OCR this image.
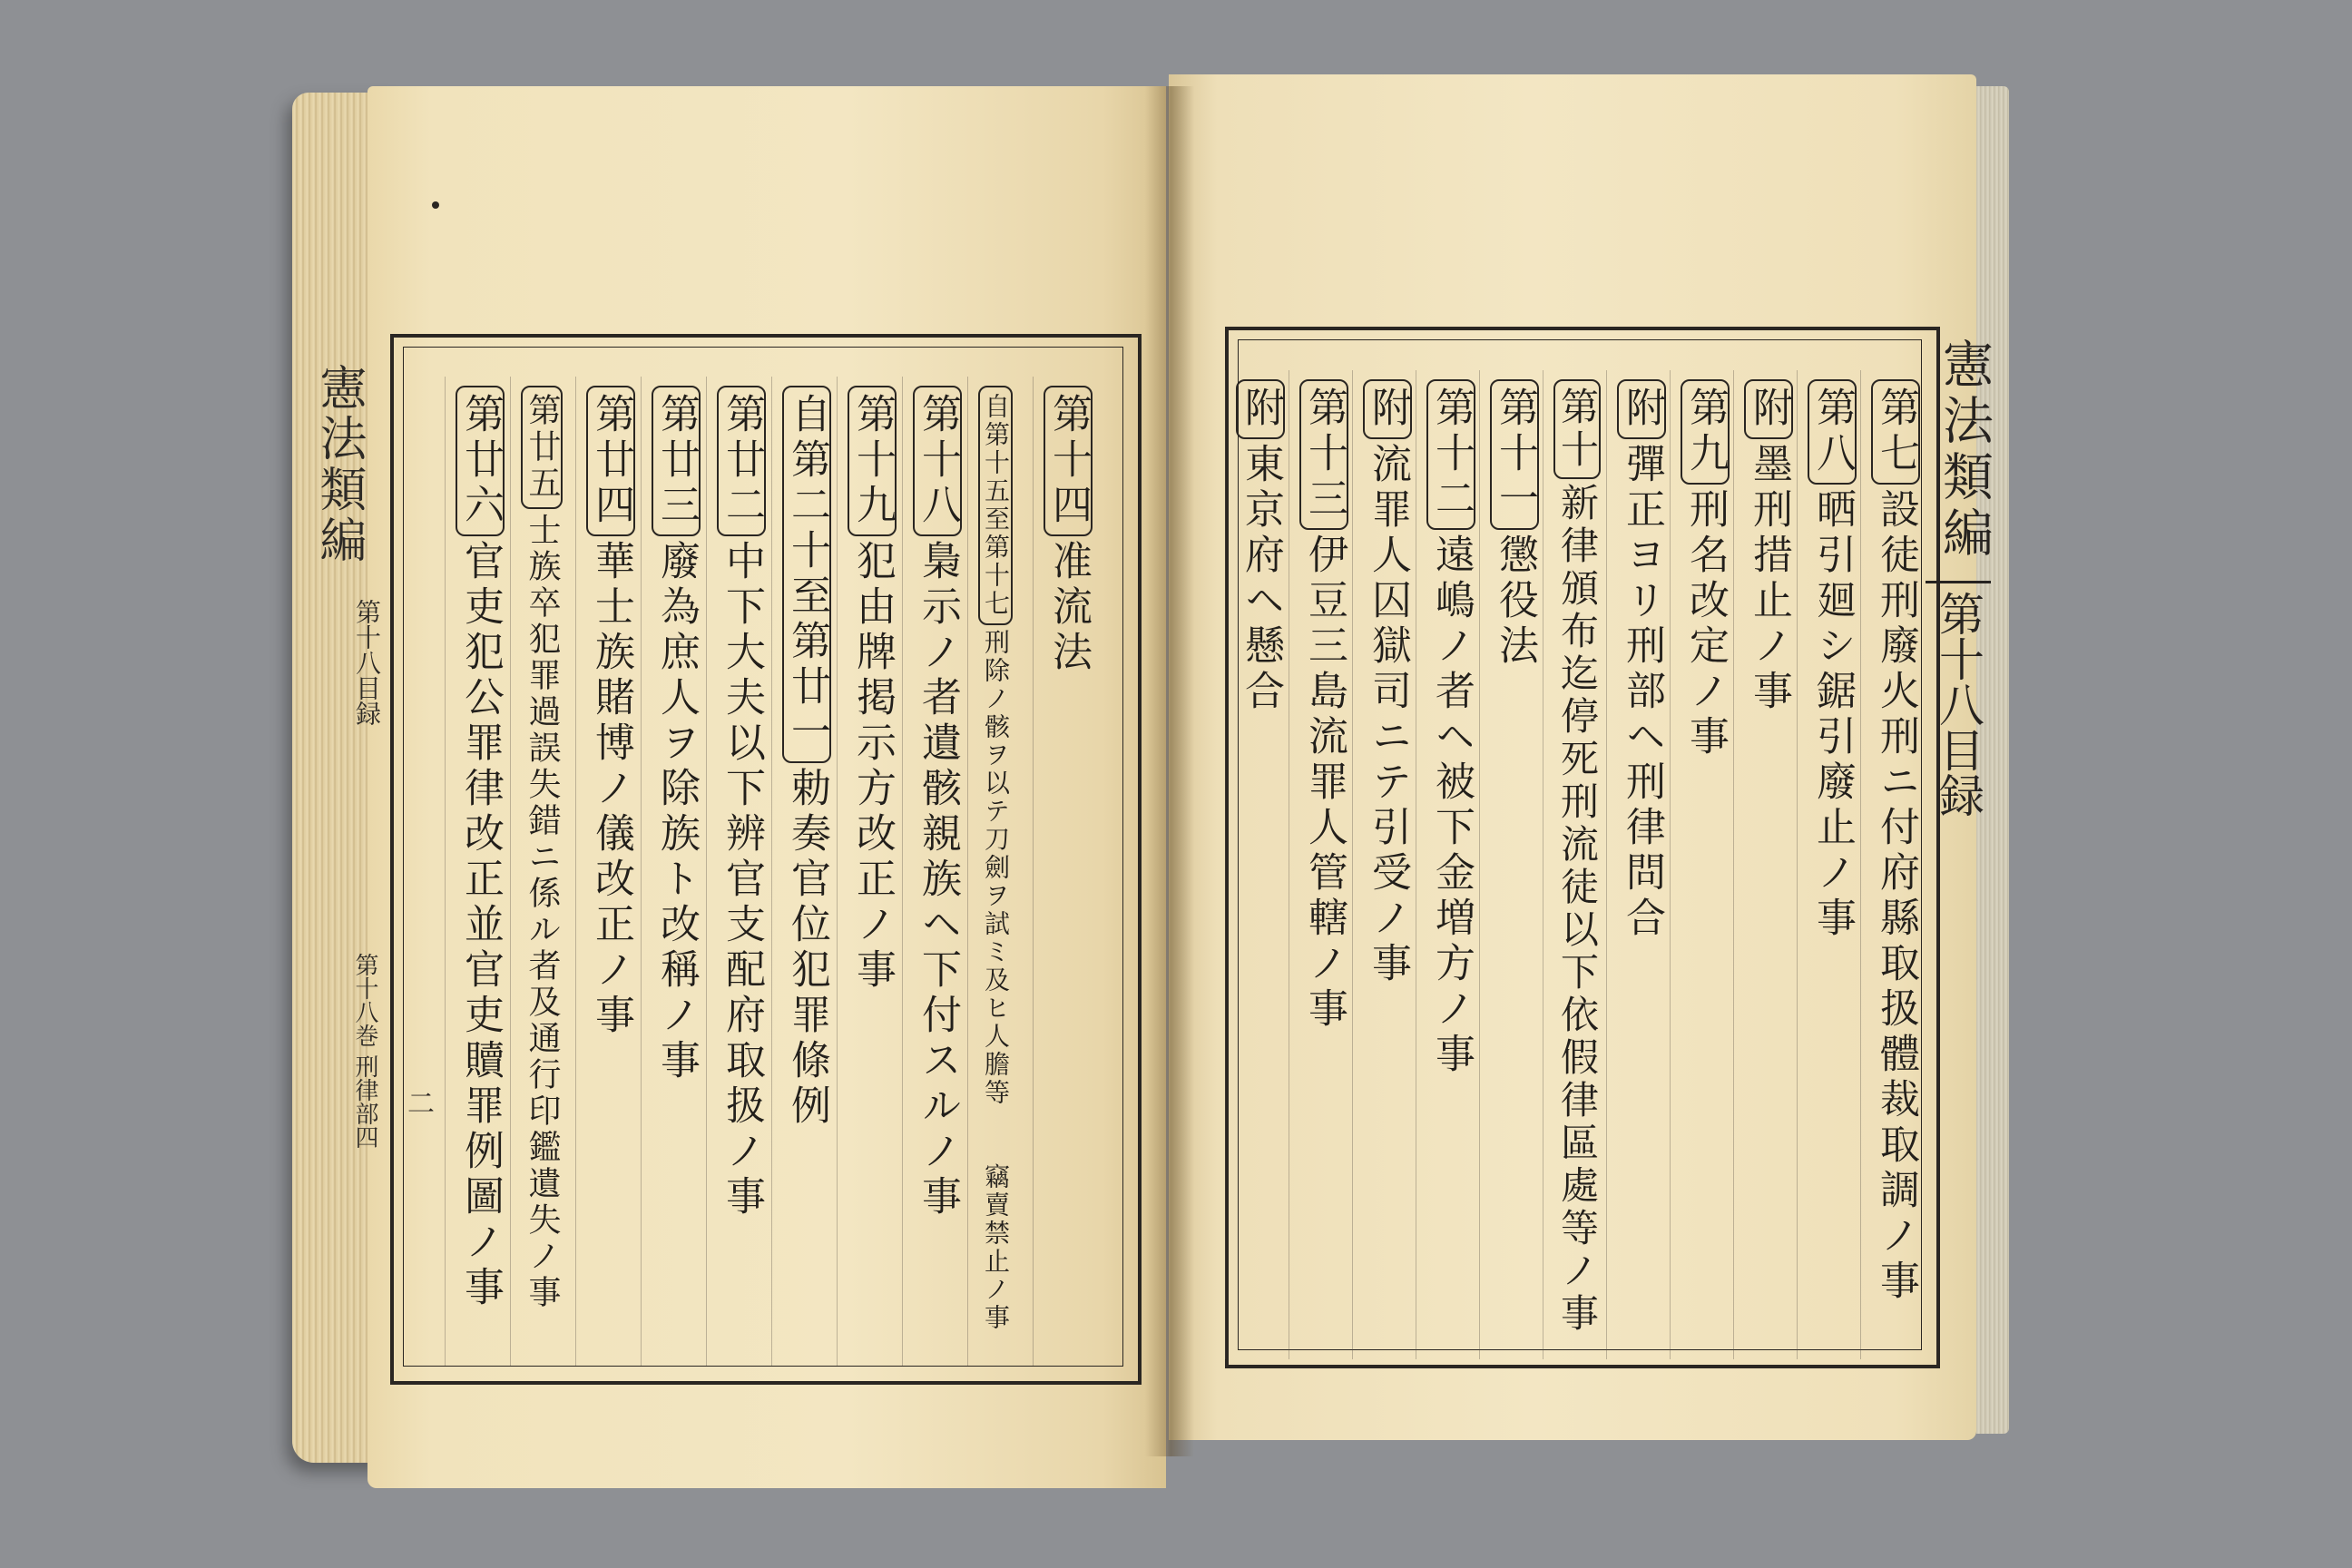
憲法類編
第十八目録
第十八巻 刑律部四 二
第十四准流法
自第十五至第十七刑除ノ骸ヲ以テ刀劍ヲ試ミ及ヒ人膽等　　竊賣禁止ノ事
第十八梟示ノ者遺骸親族ヘ下付スルノ事
第十九犯由牌掲示方改正ノ事
自第二十至第廿一勅奏官位犯罪條例
第廿二中下大夫以下辨官支配府取扱ノ事
第廿三廢為庶人ヲ除族ト改稱ノ事
第廿四華士族賭博ノ儀改正ノ事
第廿五士族卒犯罪過誤失錯ニ係ル者及通行印鑑遺失ノ事
第廿六官吏犯公罪律改正並官吏贖罪例圖ノ事
憲法類編
第十八目録
第七設徒刑廢火刑ニ付府縣取扱體裁取調ノ事
第八晒引廻シ鋸引廢止ノ事
附墨刑措止ノ事
第九刑名改定ノ事
附彈正ヨリ刑部ヘ刑律問合
第十新律頒布迄停死刑流徒以下依假律區處等ノ事
第十一懲役法
第十二遠嶋ノ者ヘ被下金増方ノ事
附流罪人囚獄司ニテ引受ノ事
第十三伊豆三島流罪人管轄ノ事
附東京府ヘ懸合
